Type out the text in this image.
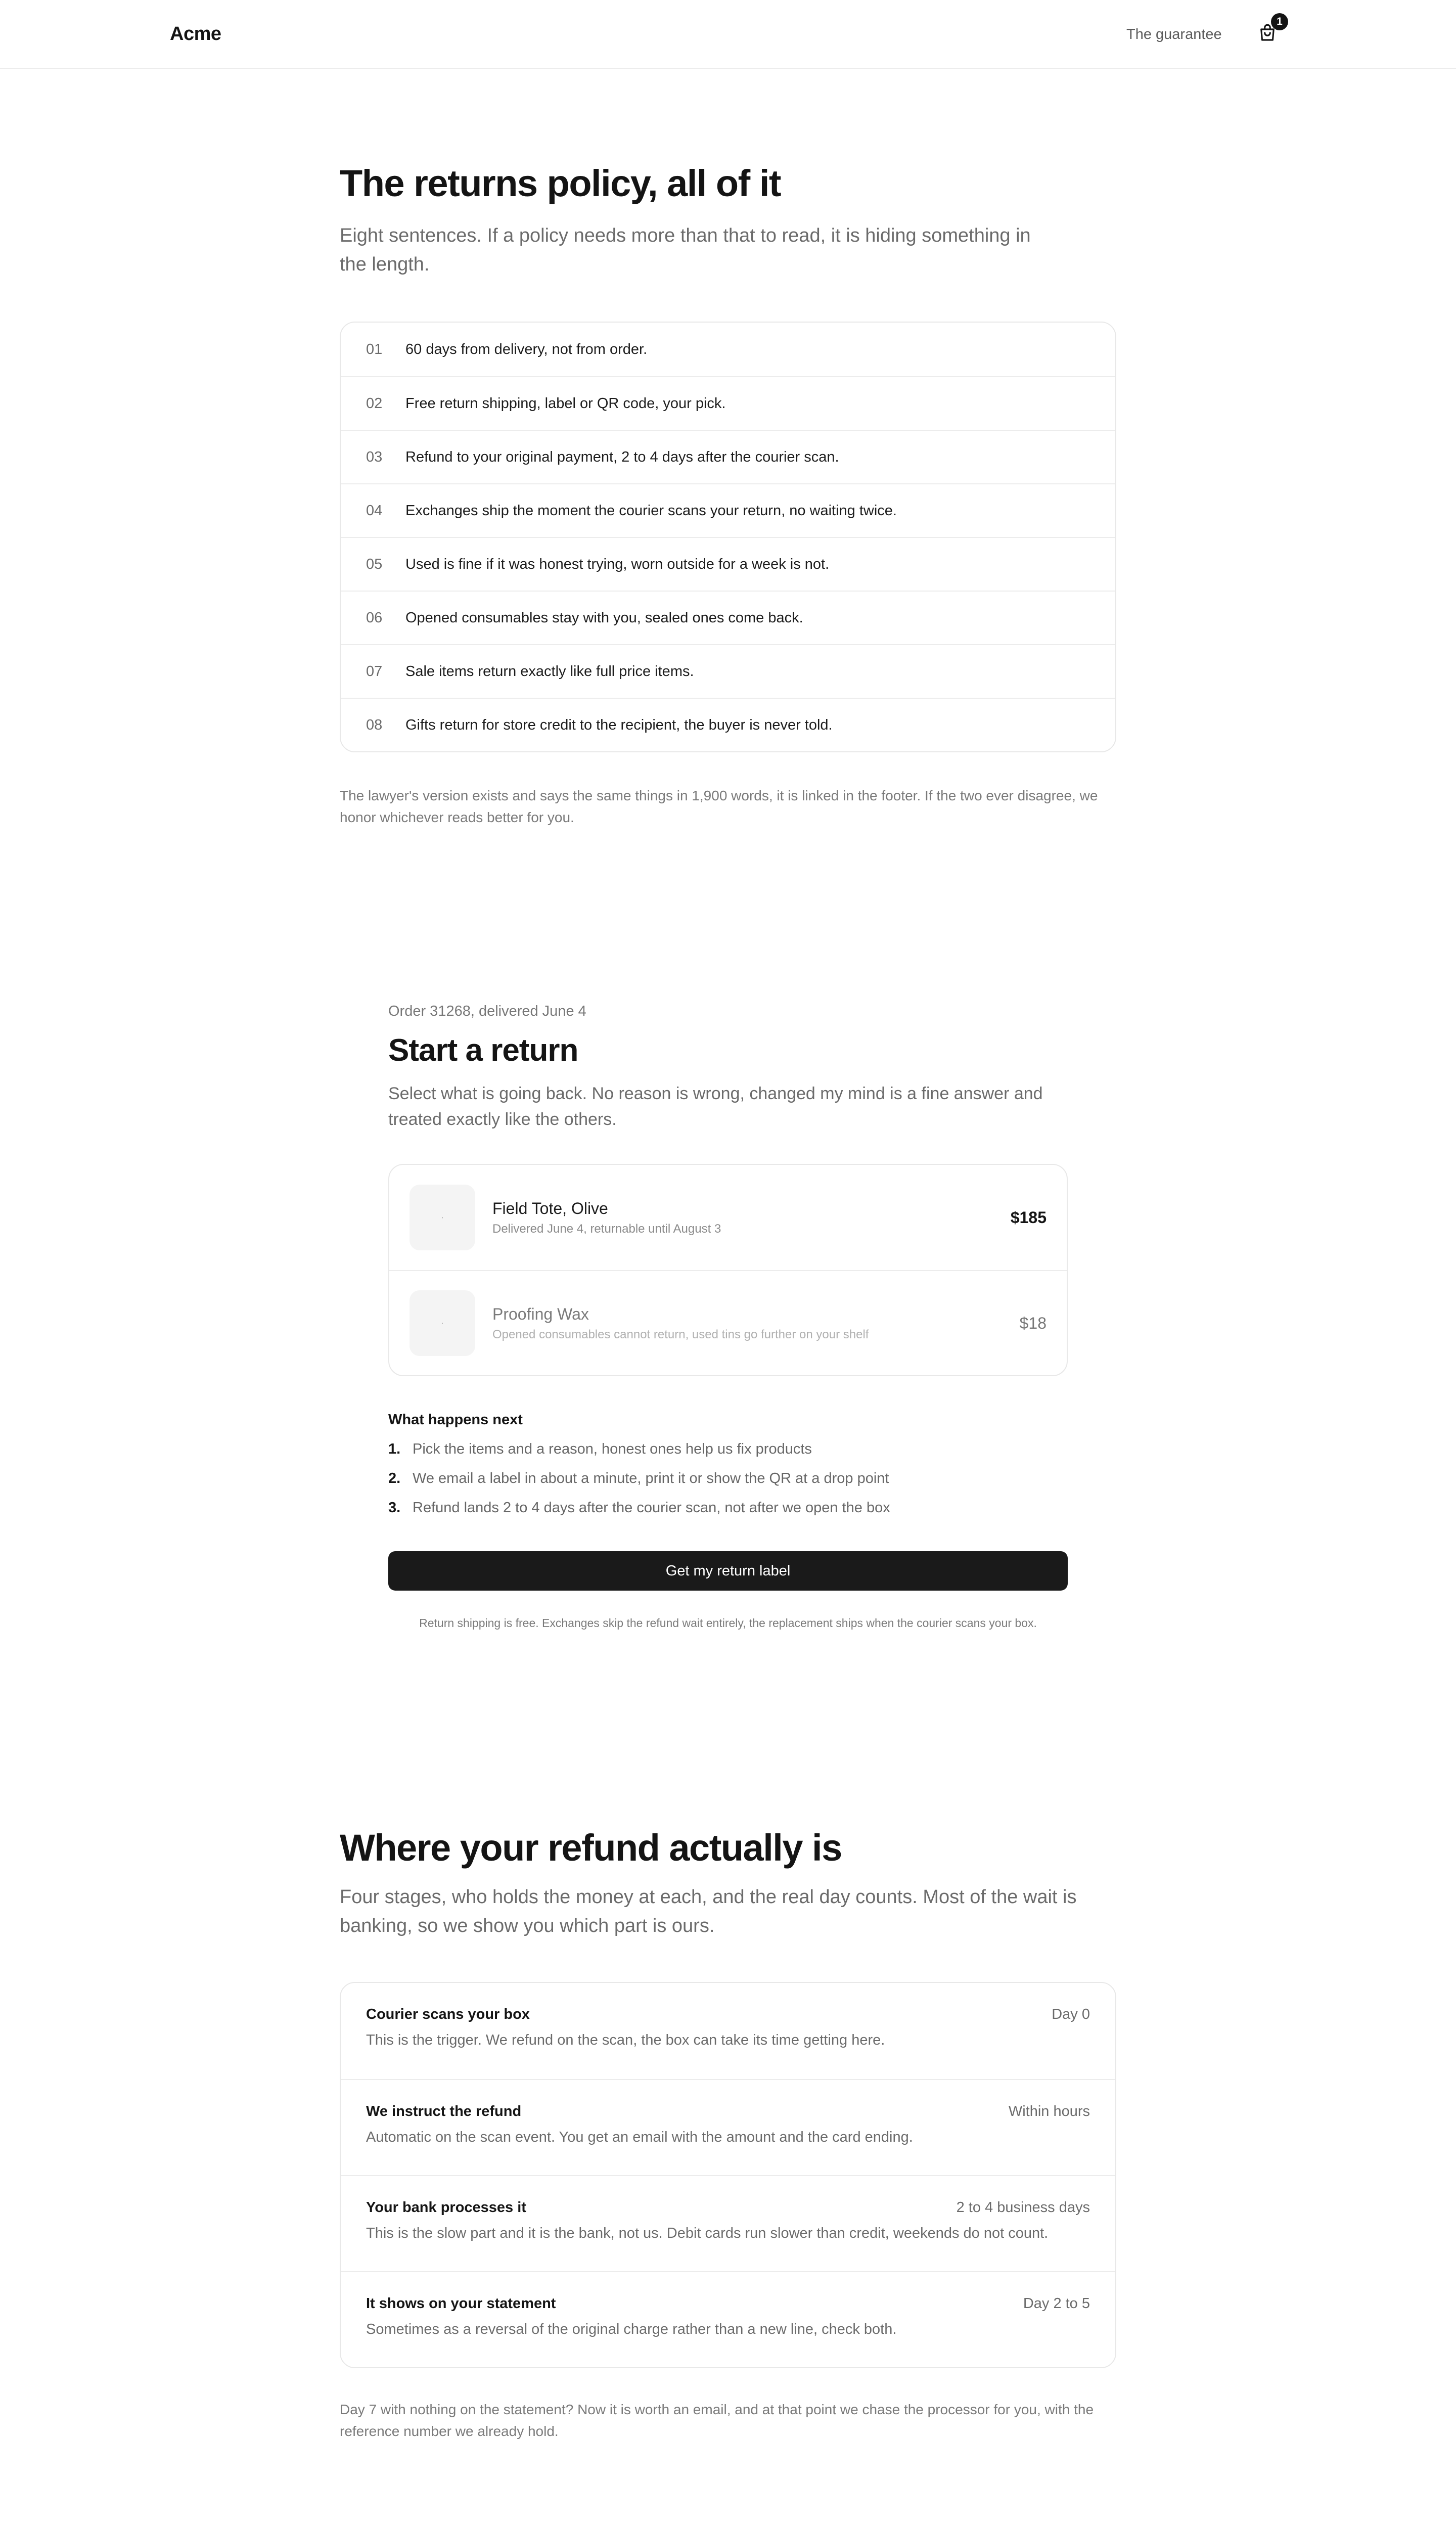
Acme	The guarantee
1
The returns policy, all of it

Eight sentences. If a policy needs more than that to read, it is hiding something in the length.

01	60 days from delivery, not from order.
02	Free return shipping, label or QR code, your pick.
03	Refund to your original payment, 2 to 4 days after the courier scan.
04	Exchanges ship the moment the courier scans your return, no waiting twice.
05	Used is fine if it was honest trying, worn outside for a week is not.
06	Opened consumables stay with you, sealed ones come back.
07	Sale items return exactly like full price items.
08	Gifts return for store credit to the recipient, the buyer is never told.

The lawyer's version exists and says the same things in 1,900 words, it is linked in the footer. If the two ever disagree, we honor whichever reads better for you.

Order 31268, delivered June 4
Start a return

Select what is going back. No reason is wrong, changed my mind is a fine answer and treated exactly like the others.

·	Field Tote, Olive
Delivered June 4, returnable until August 3
$185
·	Proofing Wax
Opened consumables cannot return, used tins go further on your shelf
$18
What happens next
1. Pick the items and a reason, honest ones help us fix products
2. We email a label in about a minute, print it or show the QR at a drop point
3. Refund lands 2 to 4 days after the courier scan, not after we open the box
Get my return label

Return shipping is free. Exchanges skip the refund wait entirely, the replacement ships when the courier scans your box.

Where your refund actually is

Four stages, who holds the money at each, and the real day counts. Most of the wait is banking, so we show you which part is ours.

Courier scans your box	Day 0
This is the trigger. We refund on the scan, the box can take its time getting here.
We instruct the refund	Within hours
Automatic on the scan event. You get an email with the amount and the card ending.
Your bank processes it	2 to 4 business days
This is the slow part and it is the bank, not us. Debit cards run slower than credit, weekends do not count.
It shows on your statement	Day 2 to 5
Sometimes as a reversal of the original charge rather than a new line, check both.

Day 7 with nothing on the statement? Now it is worth an email, and at that point we chase the processor for you, with the reference number we already hold.
